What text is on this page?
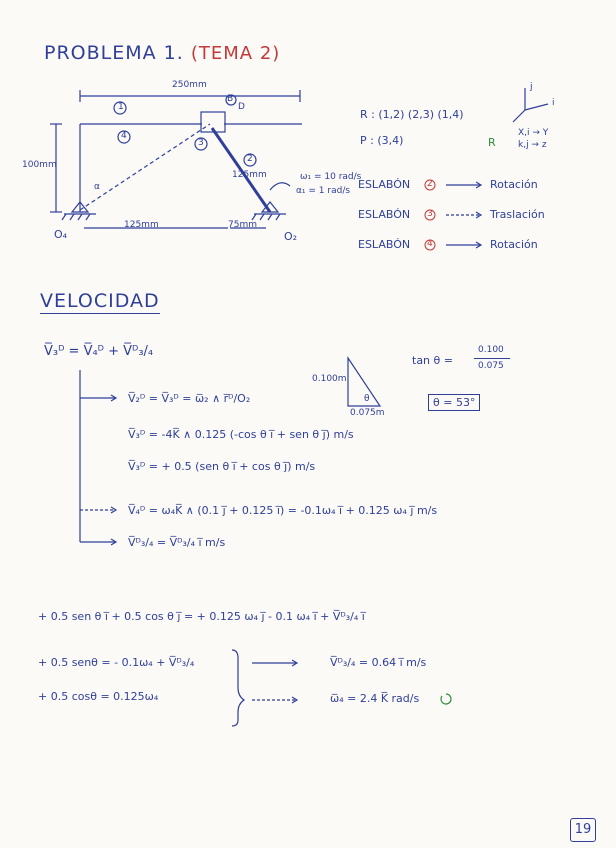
PROBLEMA 1. (TEMA 2)
250mm
100mm
125mm	75mm
125mm	ω₁ = 10 rad/s
α₁ = 1 rad/s
α
O₄	O₂
B
D
1
4
3
2
R : (1,2) (2,3) (1,4)
P : (3,4)	R
j
i
X,i → Y
k,j → z
ESLABÓN 2	Rotación
ESLABÓN 3	Traslación
ESLABÓN 4	Rotación
VELOCIDAD
V̅₃ᴰ = V̅₄ᴰ + V̅ᴰ₃/₄
0.100m
0.075m
θ
tan θ =
0.100
0.075
θ = 53°
V̅₂ᴰ = V̅₃ᴰ = ω̅₂ ∧ r̅ᴰ/O₂
V̅₃ᴰ = -4K̅ ∧ 0.125 (-cos θ i̅ + sen θ j̅) m/s
V̅₃ᴰ = + 0.5 (sen θ i̅ + cos θ j̅) m/s
V̅₄ᴰ = ω₄K̅ ∧ (0.1 j̅ + 0.125 i̅) = -0.1ω₄ i̅ + 0.125 ω₄ j̅ m/s
V̅ᴰ₃/₄ = V̅ᴰ₃/₄ i̅ m/s
+ 0.5 sen θ i̅ + 0.5 cos θ j̅ = + 0.125 ω₄ j̅ - 0.1 ω₄ i̅ + V̅ᴰ₃/₄ i̅
+ 0.5 senθ = - 0.1ω₄ + V̅ᴰ₃/₄
+ 0.5 cosθ = 0.125ω₄
V̅ᴰ₃/₄ = 0.64 i̅ m/s
ω̅₄ = 2.4 K̅ rad/s
19
